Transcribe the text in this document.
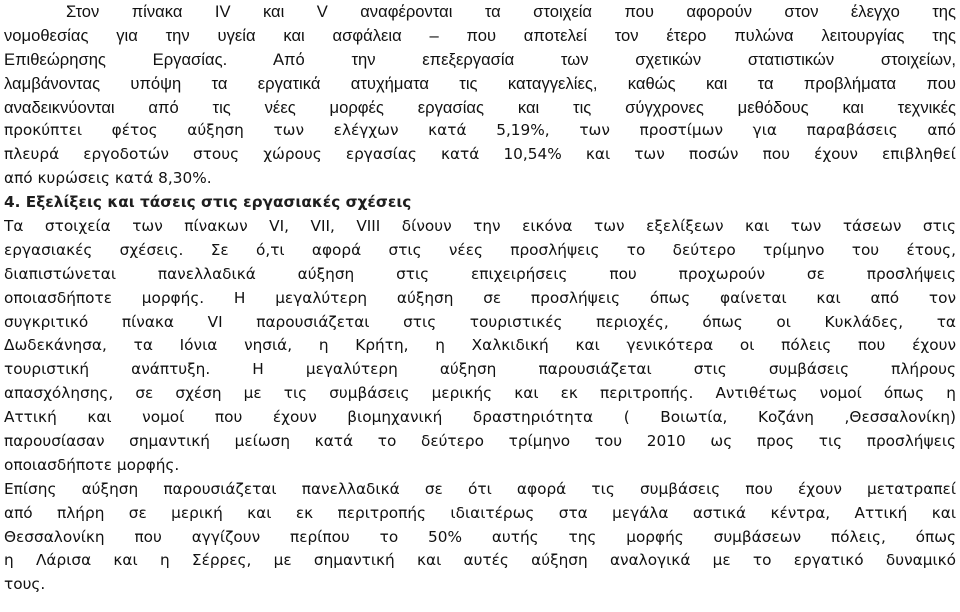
Στον πίνακα IV και V αναφέρονται τα στοιχεία που αφορούν στον έλεγχο της
νομοθεσίας για την υγεία και ασφάλεια – που αποτελεί τον έτερο πυλώνα λειτουργίας της
Επιθεώρησης Εργασίας. Από την επεξεργασία των σχετικών στατιστικών στοιχείων,
λαμβάνοντας υπόψη τα εργατικά ατυχήματα τις καταγγελίες, καθώς και τα προβλήματα που
αναδεικνύονται από τις νέες μορφές εργασίας και τις σύγχρονες μεθόδους και τεχνικές
προκύπτει φέτος αύξηση των ελέγχων κατά 5,19%, των προστίμων για παραβάσεις από
πλευρά εργοδοτών στους χώρους εργασίας κατά 10,54% και των ποσών που έχουν επιβληθεί
από κυρώσεις κατά 8,30%.
4. Εξελίξεις και τάσεις στις εργασιακές σχέσεις
Τα στοιχεία των πίνακων VI, VII, VIII δίνουν την εικόνα των εξελίξεων και των τάσεων στις
εργασιακές σχέσεις. Σε ό,τι αφορά στις νέες προσλήψεις το δεύτερο τρίμηνο του έτους,
διαπιστώνεται πανελλαδικά αύξηση στις επιχειρήσεις που προχωρούν σε προσλήψεις
οποιασδήποτε μορφής. Η μεγαλύτερη αύξηση σε προσλήψεις όπως φαίνεται και από τον
συγκριτικό πίνακα VI παρουσιάζεται στις τουριστικές περιοχές, όπως οι Κυκλάδες, τα
Δωδεκάνησα, τα Ιόνια νησιά, η Κρήτη, η Χαλκιδική και γενικότερα οι πόλεις που έχουν
τουριστική ανάπτυξη. Η μεγαλύτερη αύξηση παρουσιάζεται στις συμβάσεις πλήρους
απασχόλησης, σε σχέση με τις συμβάσεις μερικής και εκ περιτροπής. Αντιθέτως νομοί όπως η
Αττική και νομοί που έχουν βιομηχανική δραστηριότητα ( Βοιωτία, Κοζάνη ,Θεσσαλονίκη)
παρουσίασαν σημαντική μείωση κατά το δεύτερο τρίμηνο του 2010 ως προς τις προσλήψεις
οποιασδήποτε μορφής.
Επίσης αύξηση παρουσιάζεται πανελλαδικά σε ότι αφορά τις συμβάσεις που έχουν μετατραπεί
από πλήρη σε μερική και εκ περιτροπής ιδιαιτέρως στα μεγάλα αστικά κέντρα, Αττική και
Θεσσαλονίκη που αγγίζουν περίπου το 50% αυτής της μορφής συμβάσεων πόλεις, όπως
η Λάρισα και η Σέρρες, με σημαντική και αυτές αύξηση αναλογικά με το εργατικό δυναμικό
τους.
